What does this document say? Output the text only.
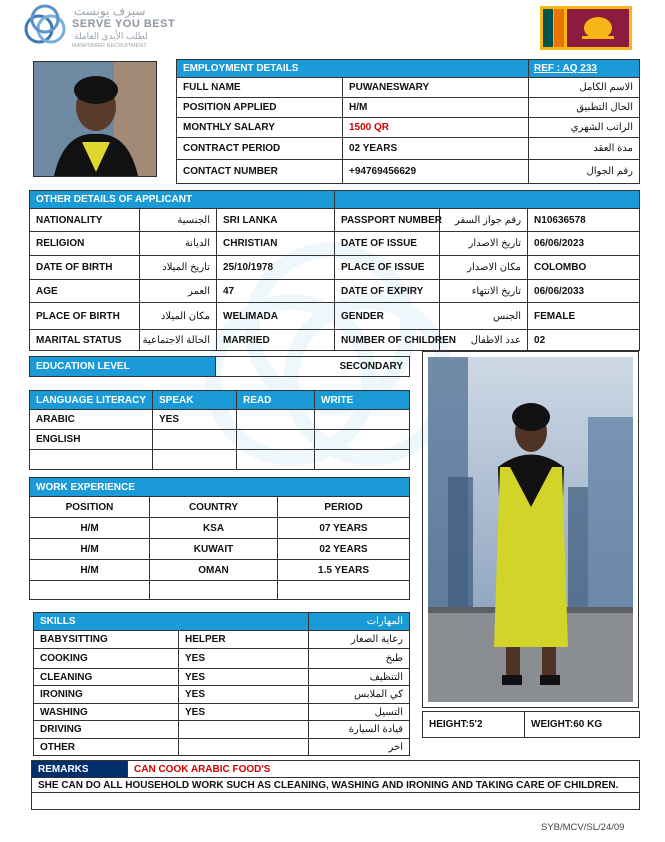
سيرف يوبست
SERVE YOU BEST
لطلب الأيدي العاملة
MANPOWER RECRUITMENT
EMPLOYMENT DETAILS		REF : AQ 233
FULL NAME	PUWANESWARY	الاسم الكامل
POSITION APPLIED	H/M	الحال التطبيق
MONTHLY SALARY	1500 QR	الراتب الشهري
CONTRACT PERIOD	02 YEARS	مدة العقد
CONTACT NUMBER	+94769456629	رقم الجوال
OTHER DETAILS OF APPLICANT					
NATIONALITY	الجنسية	SRI LANKA	PASSPORT NUMBER	رقم جواز السفر	N10636578
RELIGION	الديانة	CHRISTIAN	DATE OF ISSUE	تاريخ الاصدار	06/06/2023
DATE OF BIRTH	تاريخ الميلاد	25/10/1978	PLACE OF ISSUE	مكان الاصدار	COLOMBO
AGE	العمر	47	DATE OF EXPIRY	تاريخ الانتهاء	06/06/2033
PLACE OF BIRTH	مكان الميلاد	WELIMADA	GENDER	الجنس	FEMALE
MARITAL STATUS	الحالة الاجتماعية	MARRIED	NUMBER OF CHILDREN	عدد الاطفال	02
EDUCATION LEVEL	SECONDARY
LANGUAGE LITERACY	SPEAK	READ	WRITE
ARABIC	YES		
ENGLISH			

WORK EXPERIENCE		
POSITION	COUNTRY	PERIOD
H/M	KSA	07 YEARS
H/M	KUWAIT	02 YEARS
H/M	OMAN	1.5 YEARS

SKILLS		المهارات
BABYSITTING	HELPER	رعاية الصغار
COOKING	YES	طبخ
CLEANING	YES	التنظيف
IRONING	YES	كي الملابس
WASHING	YES	التسيل
DRIVING		قيادة السيارة
OTHER		اخر
HEIGHT:5'2	WEIGHT:60 KG
REMARKS	CAN COOK ARABIC FOOD'S
SHE CAN DO ALL HOUSEHOLD WORK SUCH AS CLEANING, WASHING AND IRONING AND TAKING CARE OF CHILDREN.

SYB/MCV/SL/24/09
